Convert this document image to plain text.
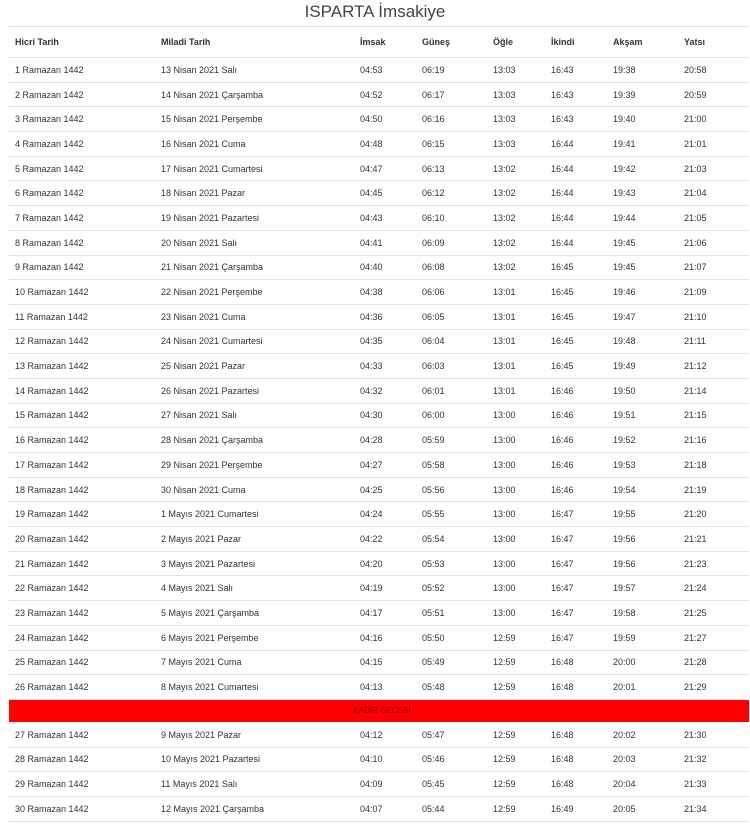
ISPARTA İmsakiye
Hicri Tarih	Miladi Tarih	İmsak	Güneş	Öğle	İkindi	Akşam	Yatsı
1 Ramazan 1442	13 Nisan 2021 Salı	04:53	06:19	13:03	16:43	19:38	20:58
2 Ramazan 1442	14 Nisan 2021 Çarşamba	04:52	06:17	13:03	16:43	19:39	20:59
3 Ramazan 1442	15 Nisan 2021 Perşembe	04:50	06:16	13:03	16:43	19:40	21:00
4 Ramazan 1442	16 Nisan 2021 Cuma	04:48	06:15	13:03	16:44	19:41	21:01
5 Ramazan 1442	17 Nisan 2021 Cumartesi	04:47	06:13	13:02	16:44	19:42	21:03
6 Ramazan 1442	18 Nisan 2021 Pazar	04:45	06:12	13:02	16:44	19:43	21:04
7 Ramazan 1442	19 Nisan 2021 Pazartesi	04:43	06:10	13:02	16:44	19:44	21:05
8 Ramazan 1442	20 Nisan 2021 Salı	04:41	06:09	13:02	16:44	19:45	21:06
9 Ramazan 1442	21 Nisan 2021 Çarşamba	04:40	06:08	13:02	16:45	19:45	21:07
10 Ramazan 1442	22 Nisan 2021 Perşembe	04:38	06:06	13:01	16:45	19:46	21:09
11 Ramazan 1442	23 Nisan 2021 Cuma	04:36	06:05	13:01	16:45	19:47	21:10
12 Ramazan 1442	24 Nisan 2021 Cumartesi	04:35	06:04	13:01	16:45	19:48	21:11
13 Ramazan 1442	25 Nisan 2021 Pazar	04:33	06:03	13:01	16:45	19:49	21:12
14 Ramazan 1442	26 Nisan 2021 Pazartesi	04:32	06:01	13:01	16:46	19:50	21:14
15 Ramazan 1442	27 Nisan 2021 Salı	04:30	06:00	13:00	16:46	19:51	21:15
16 Ramazan 1442	28 Nisan 2021 Çarşamba	04:28	05:59	13:00	16:46	19:52	21:16
17 Ramazan 1442	29 Nisan 2021 Perşembe	04:27	05:58	13:00	16:46	19:53	21:18
18 Ramazan 1442	30 Nisan 2021 Cuma	04:25	05:56	13:00	16:46	19:54	21:19
19 Ramazan 1442	1 Mayıs 2021 Cumartesi	04:24	05:55	13:00	16:47	19:55	21:20
20 Ramazan 1442	2 Mayıs 2021 Pazar	04:22	05:54	13:00	16:47	19:56	21:21
21 Ramazan 1442	3 Mayıs 2021 Pazartesi	04:20	05:53	13:00	16:47	19:56	21:23
22 Ramazan 1442	4 Mayıs 2021 Salı	04:19	05:52	13:00	16:47	19:57	21:24
23 Ramazan 1442	5 Mayıs 2021 Çarşamba	04:17	05:51	13:00	16:47	19:58	21:25
24 Ramazan 1442	6 Mayıs 2021 Perşembe	04:16	05:50	12:59	16:47	19:59	21:27
25 Ramazan 1442	7 Mayıs 2021 Cuma	04:15	05:49	12:59	16:48	20:00	21:28
26 Ramazan 1442	8 Mayıs 2021 Cumartesi	04:13	05:48	12:59	16:48	20:01	21:29
KADİR GECESİ							
27 Ramazan 1442	9 Mayıs 2021 Pazar	04:12	05:47	12:59	16:48	20:02	21:30
28 Ramazan 1442	10 Mayıs 2021 Pazartesi	04:10	05:46	12:59	16:48	20:03	21:32
29 Ramazan 1442	11 Mayıs 2021 Salı	04:09	05:45	12:59	16:48	20:04	21:33
30 Ramazan 1442	12 Mayıs 2021 Çarşamba	04:07	05:44	12:59	16:49	20:05	21:34
